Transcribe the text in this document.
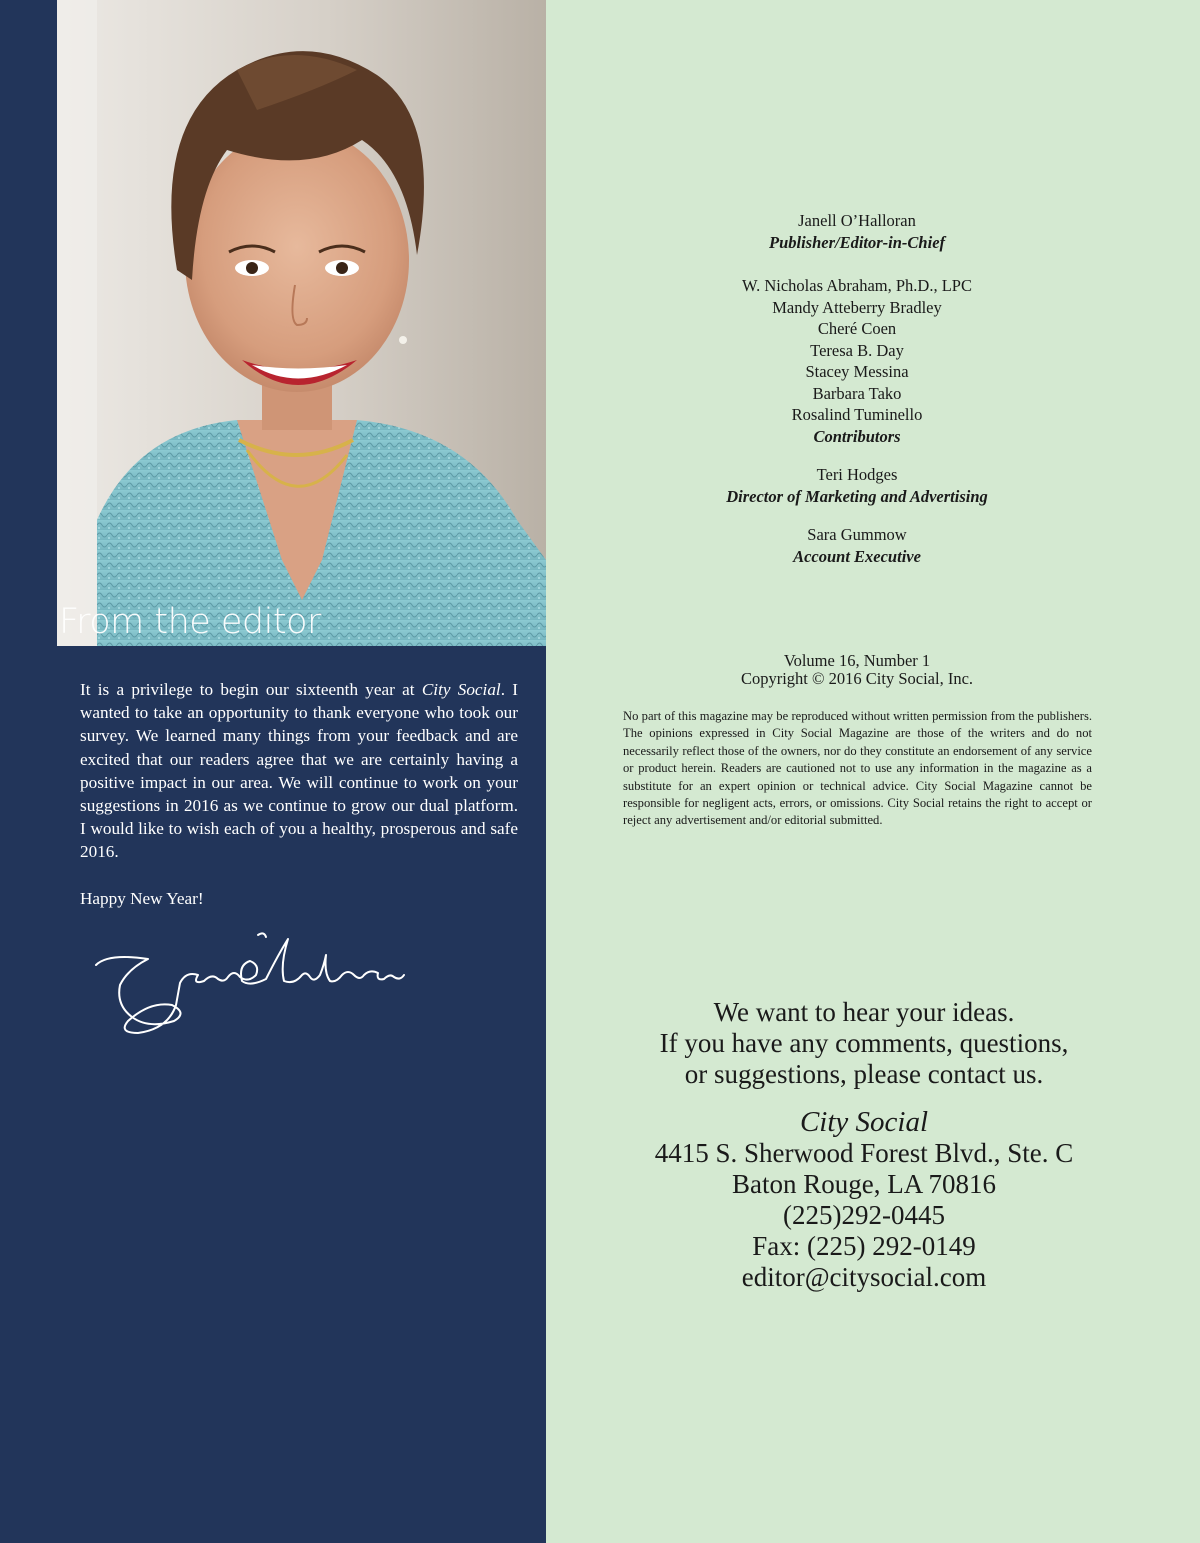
From the editor

It is a privilege to begin our sixteenth year at City Social. I wanted to take an opportunity to thank everyone who took our survey. We learned many things from your feedback and are excited that our readers agree that we are certainly having a positive impact in our area. We will continue to work on your suggestions in 2016 as we continue to grow our dual platform. I would like to wish each of you a healthy, prosperous and safe 2016.

Happy New Year!

Janell O’Halloran
Publisher/Editor-in-Chief
W. Nicholas Abraham, Ph.D., LPC
Mandy Atteberry Bradley
Cheré Coen
Teresa B. Day
Stacey Messina
Barbara Tako
Rosalind Tuminello
Contributors
Teri Hodges
Director of Marketing and Advertising
Sara Gummow
Account Executive
Volume 16, Number 1
Copyright © 2016 City Social, Inc.
No part of this magazine may be reproduced without written permission from the publishers. The opinions expressed in City Social Magazine are those of the writers and do not necessarily reflect those of the owners, nor do they constitute an endorsement of any service or product herein. Readers are cautioned not to use any information in the magazine as a substitute for an expert opinion or technical advice. City Social Magazine cannot be responsible for negligent acts, errors, or omissions. City Social retains the right to accept or reject any advertisement and/or editorial submitted.
We want to hear your ideas.
If you have any comments, questions,
or suggestions, please contact us.
City Social
4415 S. Sherwood Forest Blvd., Ste. C
Baton Rouge, LA 70816
(225)292-0445
Fax: (225) 292-0149
editor@citysocial.com
